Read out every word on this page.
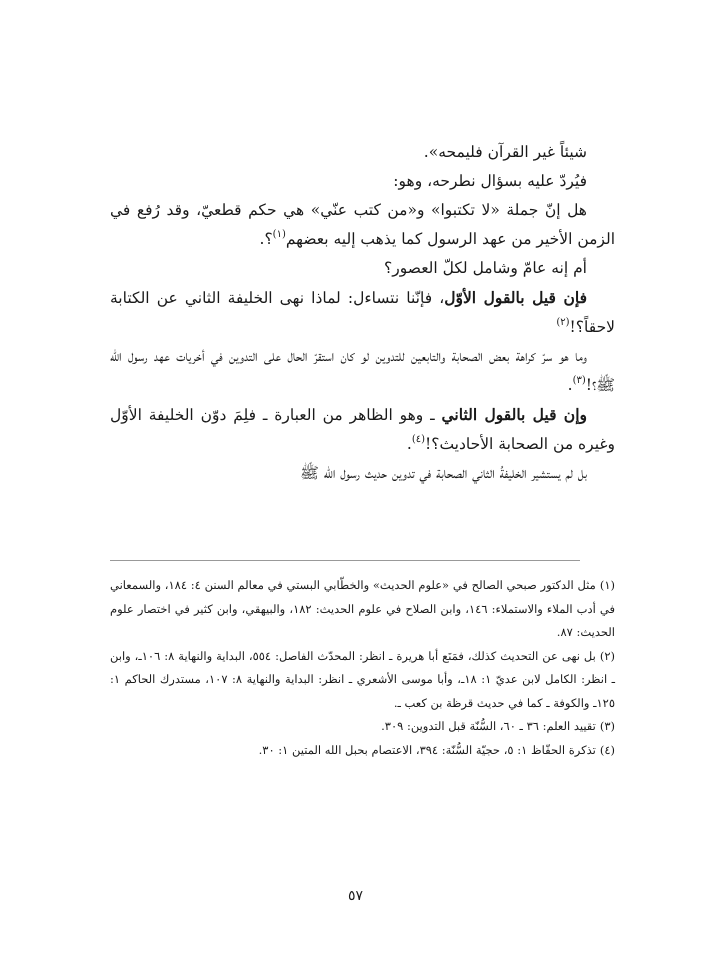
شيئاً غير القرآن فليمحه».

فيُردّ عليه بسؤال نطرحه، وهو:

هل إنّ جملة «لا تكتبوا» و«من كتب عنّي» هي حكم قطعيّ، وقد رُفع في الزمن الأخير من عهد الرسول كما يذهب إليه بعضهم$^{(١)}$؟.

أم إنه عامّ وشامل لكلّ العصور؟

فإن قيل بالقول الأوّل، فإنّنا نتساءل: لماذا نهى الخليفة الثاني عن الكتابة لاحقاً؟!$^{(٢)}$

وما هو سرّ كراهة بعض الصحابة والتابعين للتدوين لو كان استقرّ الحال على التدوين في أخريات عهد رسول الله ﷺ؟!$^{(٣)}$.

وإن قيل بالقول الثاني ـ وهو الظاهر من العبارة ـ فلِمَ دوّن الخليفة الأوّل وغيره من الصحابة الأحاديث؟!$^{(٤)}$.

بل لم يستشير الخليفةُ الثاني الصحابة في تدوين حديث رسول الله ﷺ

(١)مثل الدكتور صبحي الصالح في «علوم الحديث» والخطّابي البستي في معالم السنن ٤: ١٨٤، والسمعاني في أدب الملاء والاستملاء: ١٤٦، وابن الصلاح في علوم الحديث: ١٨٢، والبيهقي، وابن كثير في اختصار علوم الحديث: ٨٧.

(٢)بل نهى عن التحديث كذلك، فمَنَع أبا هريرة ـ انظر: المحدّث الفاصل: ٥٥٤، البداية والنهاية ٨: ١٠٦ـ، وابن ـ انظر: الكامل لابن عديّ ١: ١٨ـ، وأبا موسى الأشعري ـ انظر: البداية والنهاية ٨: ١٠٧، مستدرك الحاكم ١: ١٢٥ـ والكوفة ـ كما في حديث قرظة بن كعب ـ.

(٣)تقييد العلم: ٣٦ ـ ٦٠، السُّنّة قبل التدوين: ٣٠٩.

(٤)تذكرة الحفّاظ ١: ٥، حجيّة السُّنّة: ٣٩٤، الاعتصام بحبل الله المتين ١: ٣٠.

٥٧
